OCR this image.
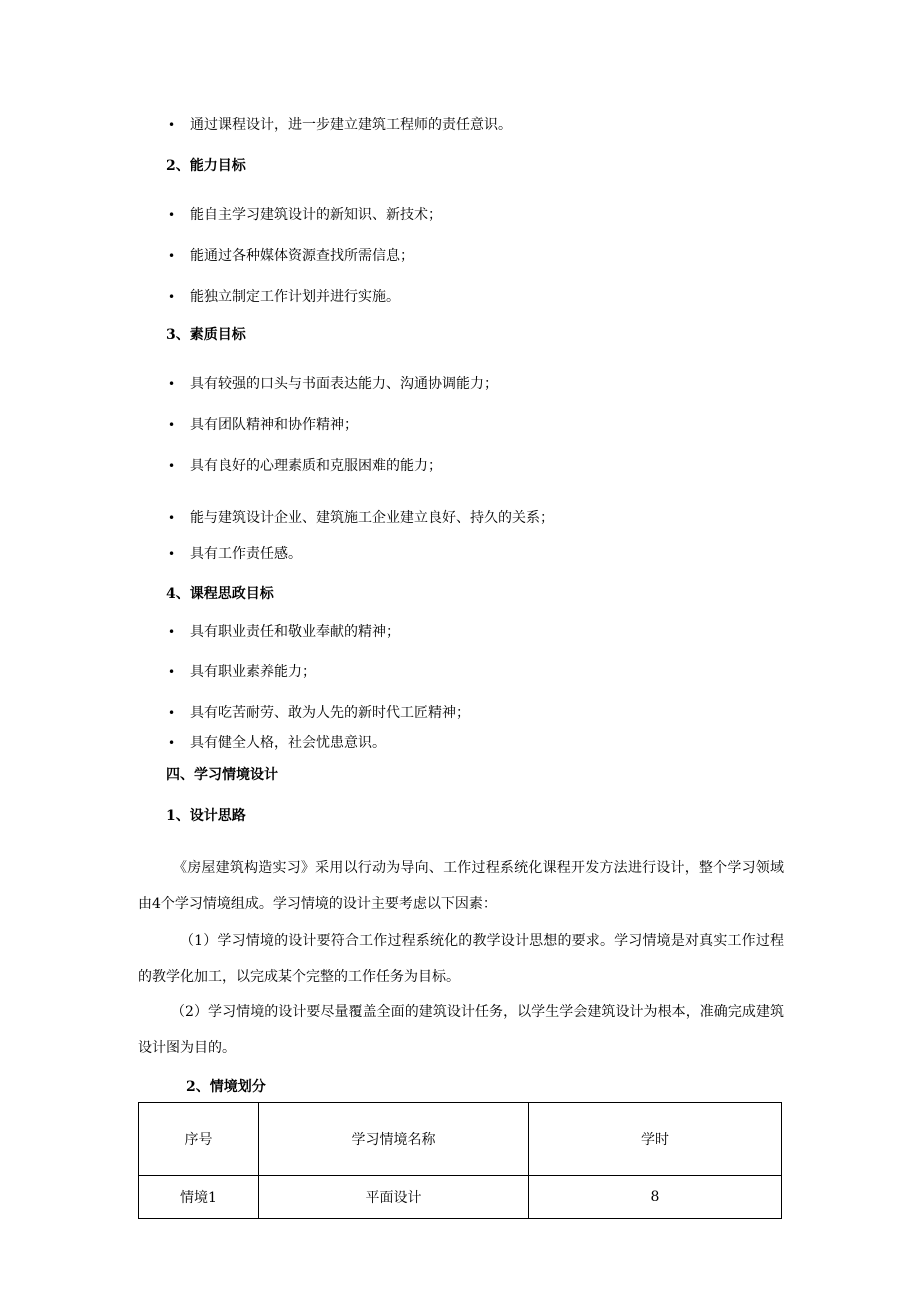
• 通过课程设计，进一步建立建筑工程师的责任意识。
2、能力目标
• 能自主学习建筑设计的新知识、新技术；
• 能通过各种媒体资源查找所需信息；
• 能独立制定工作计划并进行实施。
3、素质目标
• 具有较强的口头与书面表达能力、沟通协调能力；
• 具有团队精神和协作精神；
• 具有良好的心理素质和克服困难的能力；
• 能与建筑设计企业、建筑施工企业建立良好、持久的关系；
• 具有工作责任感。
4、课程思政目标
• 具有职业责任和敬业奉献的精神；
• 具有职业素养能力；
• 具有吃苦耐劳、敢为人先的新时代工匠精神；
• 具有健全人格，社会忧患意识。
四、学习情境设计
1、设计思路
《房屋建筑构造实习》采用以行动为导向、工作过程系统化课程开发方法进行设计，整个学习领域由4个学习情境组成。学习情境的设计主要考虑以下因素：
（1）学习情境的设计要符合工作过程系统化的教学设计思想的要求。学习情境是对真实工作过程的教学化加工，以完成某个完整的工作任务为目标。
（2）学习情境的设计要尽量覆盖全面的建筑设计任务，以学生学会建筑设计为根本，准确完成建筑设计图为目的。
2、情境划分
序号	学习情境名称	学时
情境1	平面设计	8
